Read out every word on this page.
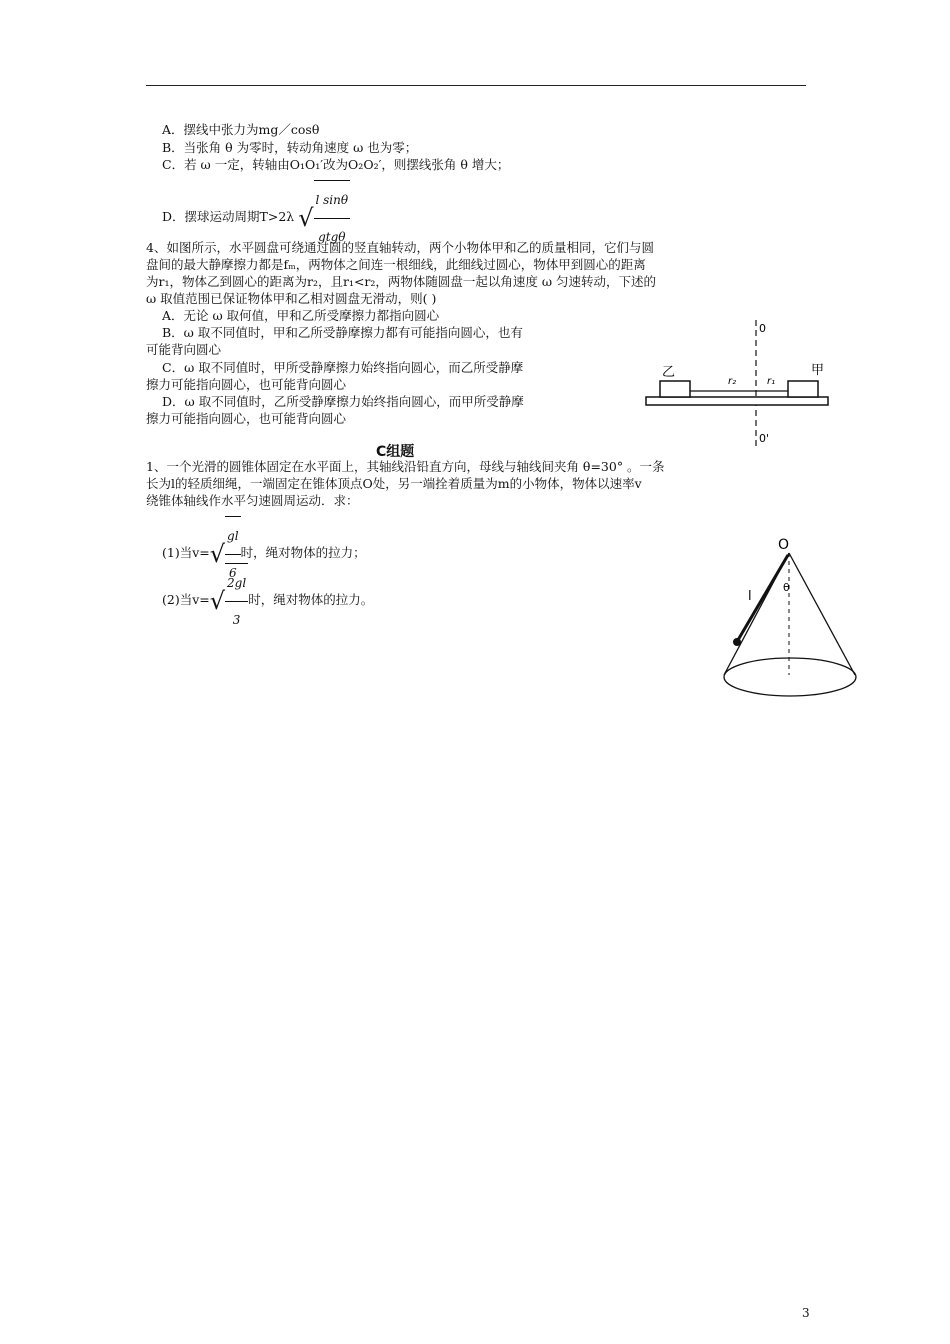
A．摆线中张力为mg／cosθ
B．当张角 θ 为零时，转动角速度 ω 也为零；
C．若 ω 一定，转轴由O₁O₁′改为O₂O₂′，则摆线张角 θ 增大；
D．摆球运动周期T>2λ √ $\frac{\text{l sinθ}}{\text{gtgθ}}$
4、如图所示，水平圆盘可绕通过圆的竖直轴转动，两个小物体甲和乙的质量相同，它们与圆
盘间的最大静摩擦力都是fₘ，两物体之间连一根细线，此细线过圆心，物体甲到圆心的距离
为r₁，物体乙到圆心的距离为r₂，且r₁<r₂，两物体随圆盘一起以角速度 ω 匀速转动，下述的
ω 取值范围已保证物体甲和乙相对圆盘无滑动，则( )
A．无论 ω 取何值，甲和乙所受摩擦力都指向圆心
B．ω 取不同值时，甲和乙所受静摩擦力都有可能指向圆心，也有
可能背向圆心
C．ω 取不同值时，甲所受静摩擦力始终指向圆心，而乙所受静摩
擦力可能指向圆心，也可能背向圆心
D．ω 取不同值时，乙所受静摩擦力始终指向圆心，而甲所受静摩
擦力可能指向圆心，也可能背向圆心
0
0'
乙	甲
r₂	r₁
C组题
1、一个光滑的圆锥体固定在水平面上，其轴线沿铅直方向，母线与轴线间夹角 θ=30° 。一条
长为l的轻质细绳，一端固定在锥体顶点O处，另一端拴着质量为m的小物体，物体以速率v
绕锥体轴线作水平匀速圆周运动．求：
(1)当v= √ $\frac{gl}{6}$ 时，绳对物体的拉力；
(2)当v= √ $\frac{2gl}{3}$ 时，绳对物体的拉力。
O
l
θ
3
